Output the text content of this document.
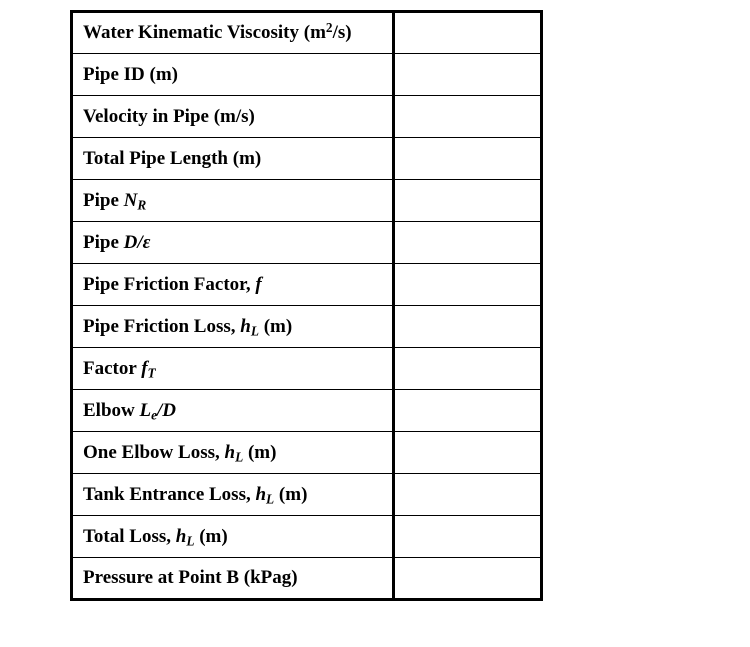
Water Kinematic Viscosity $(m^2/s)$	
Pipe ID (m)	
Velocity in Pipe (m/s)	
Total Pipe Length (m)	
Pipe $N_R$	
Pipe D/ε	
Pipe Friction Factor, f	
Pipe Friction Loss, $h_L$ (m)	
Factor $f_T$	
Elbow $L_e/D$	
One Elbow Loss, $h_L$ (m)	
Tank Entrance Loss, $h_L$ (m)	
Total Loss, $h_L$ (m)	
Pressure at Point B (kPag)	
